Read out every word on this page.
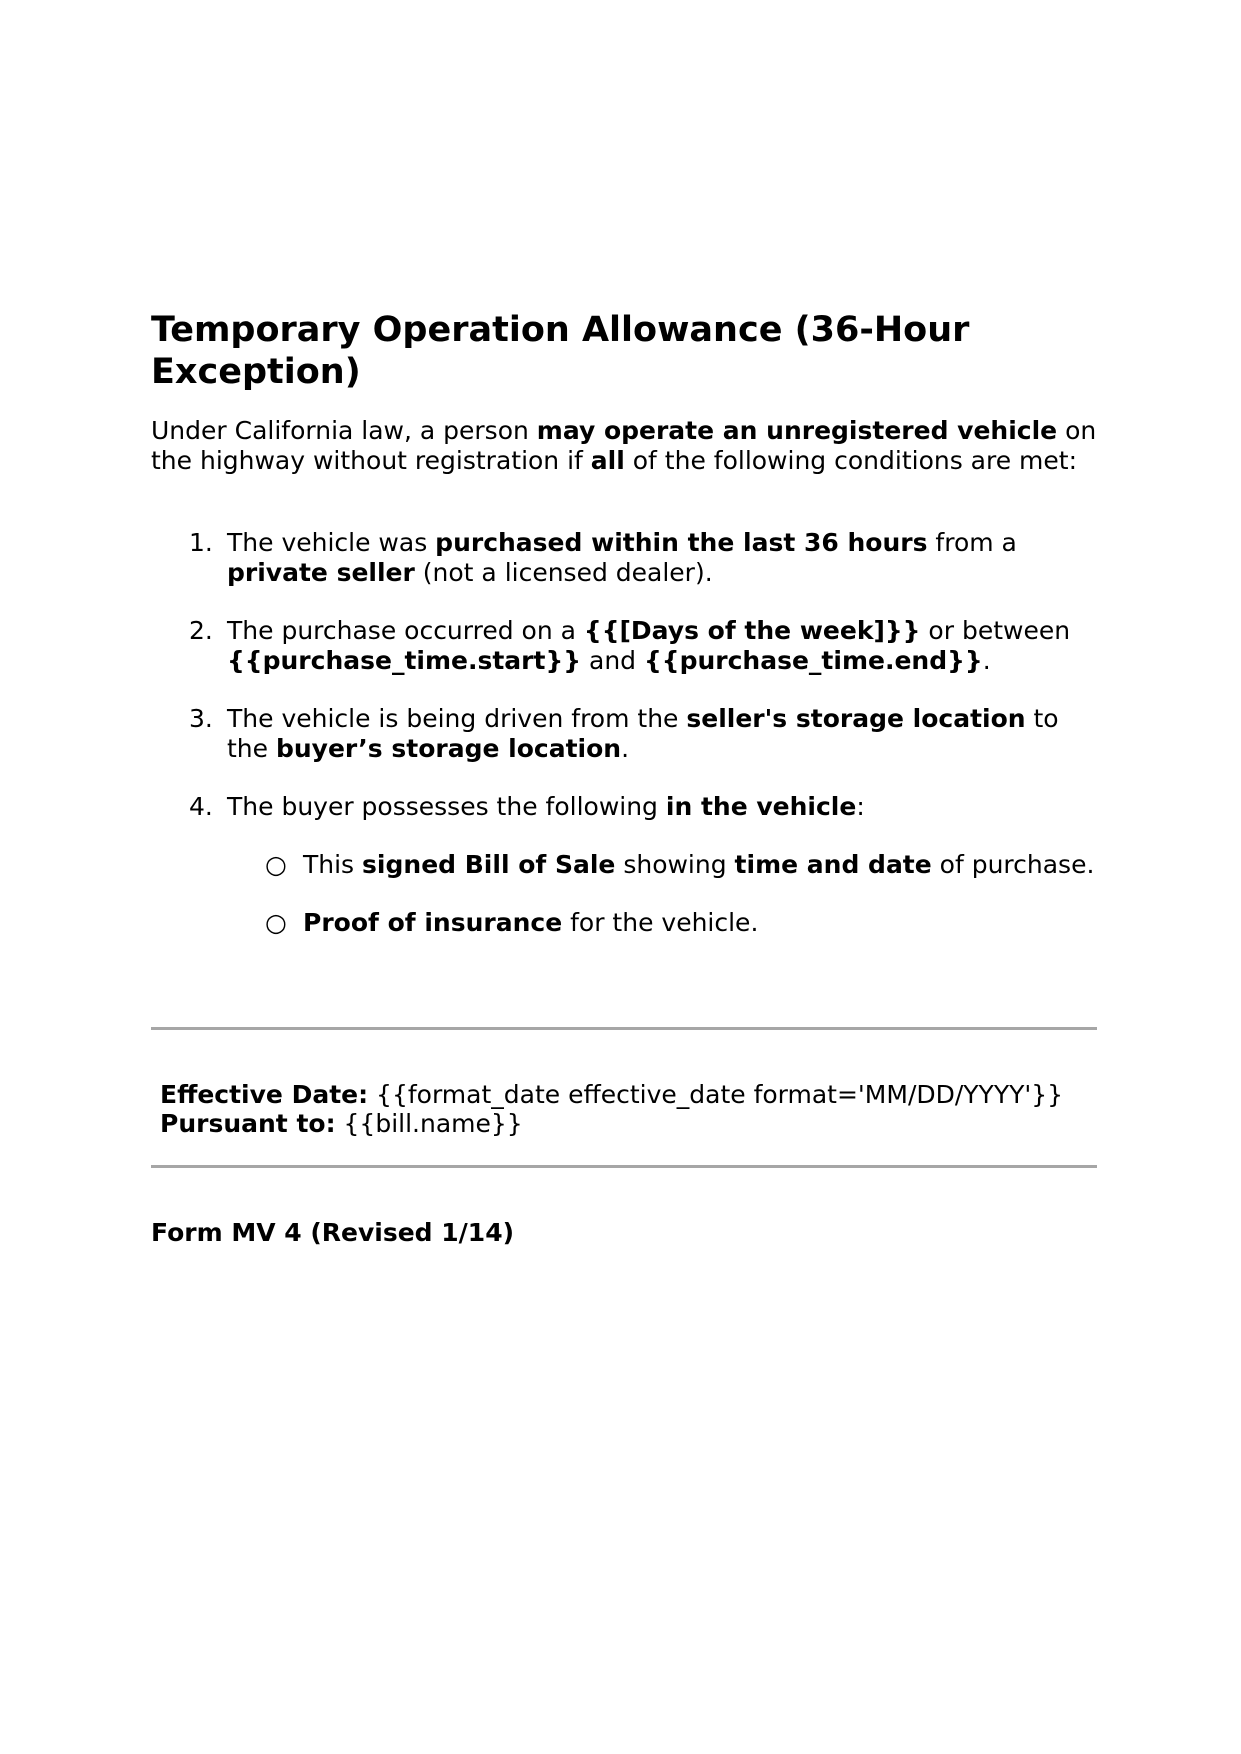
Temporary Operation Allowance (36-Hour Exception)

Under California law, a person may operate an unregistered vehicle on the highway without registration if all of the following conditions are met:

1. The vehicle was purchased within the last 36 hours from a private seller (not a licensed dealer).
2. The purchase occurred on a {{[Days of the week]}} or between {{purchase_time.start}} and {{purchase_time.end}}.
3. The vehicle is being driven from the seller's storage location to the buyer’s storage location.
4. The buyer possesses the following in the vehicle:
○ This signed Bill of Sale showing time and date of purchase.
○ Proof of insurance for the vehicle.
Effective Date: {{format_date effective_date format='MM/DD/YYYY'}}
Pursuant to: {{bill.name}}
Form MV 4 (Revised 1/14)
